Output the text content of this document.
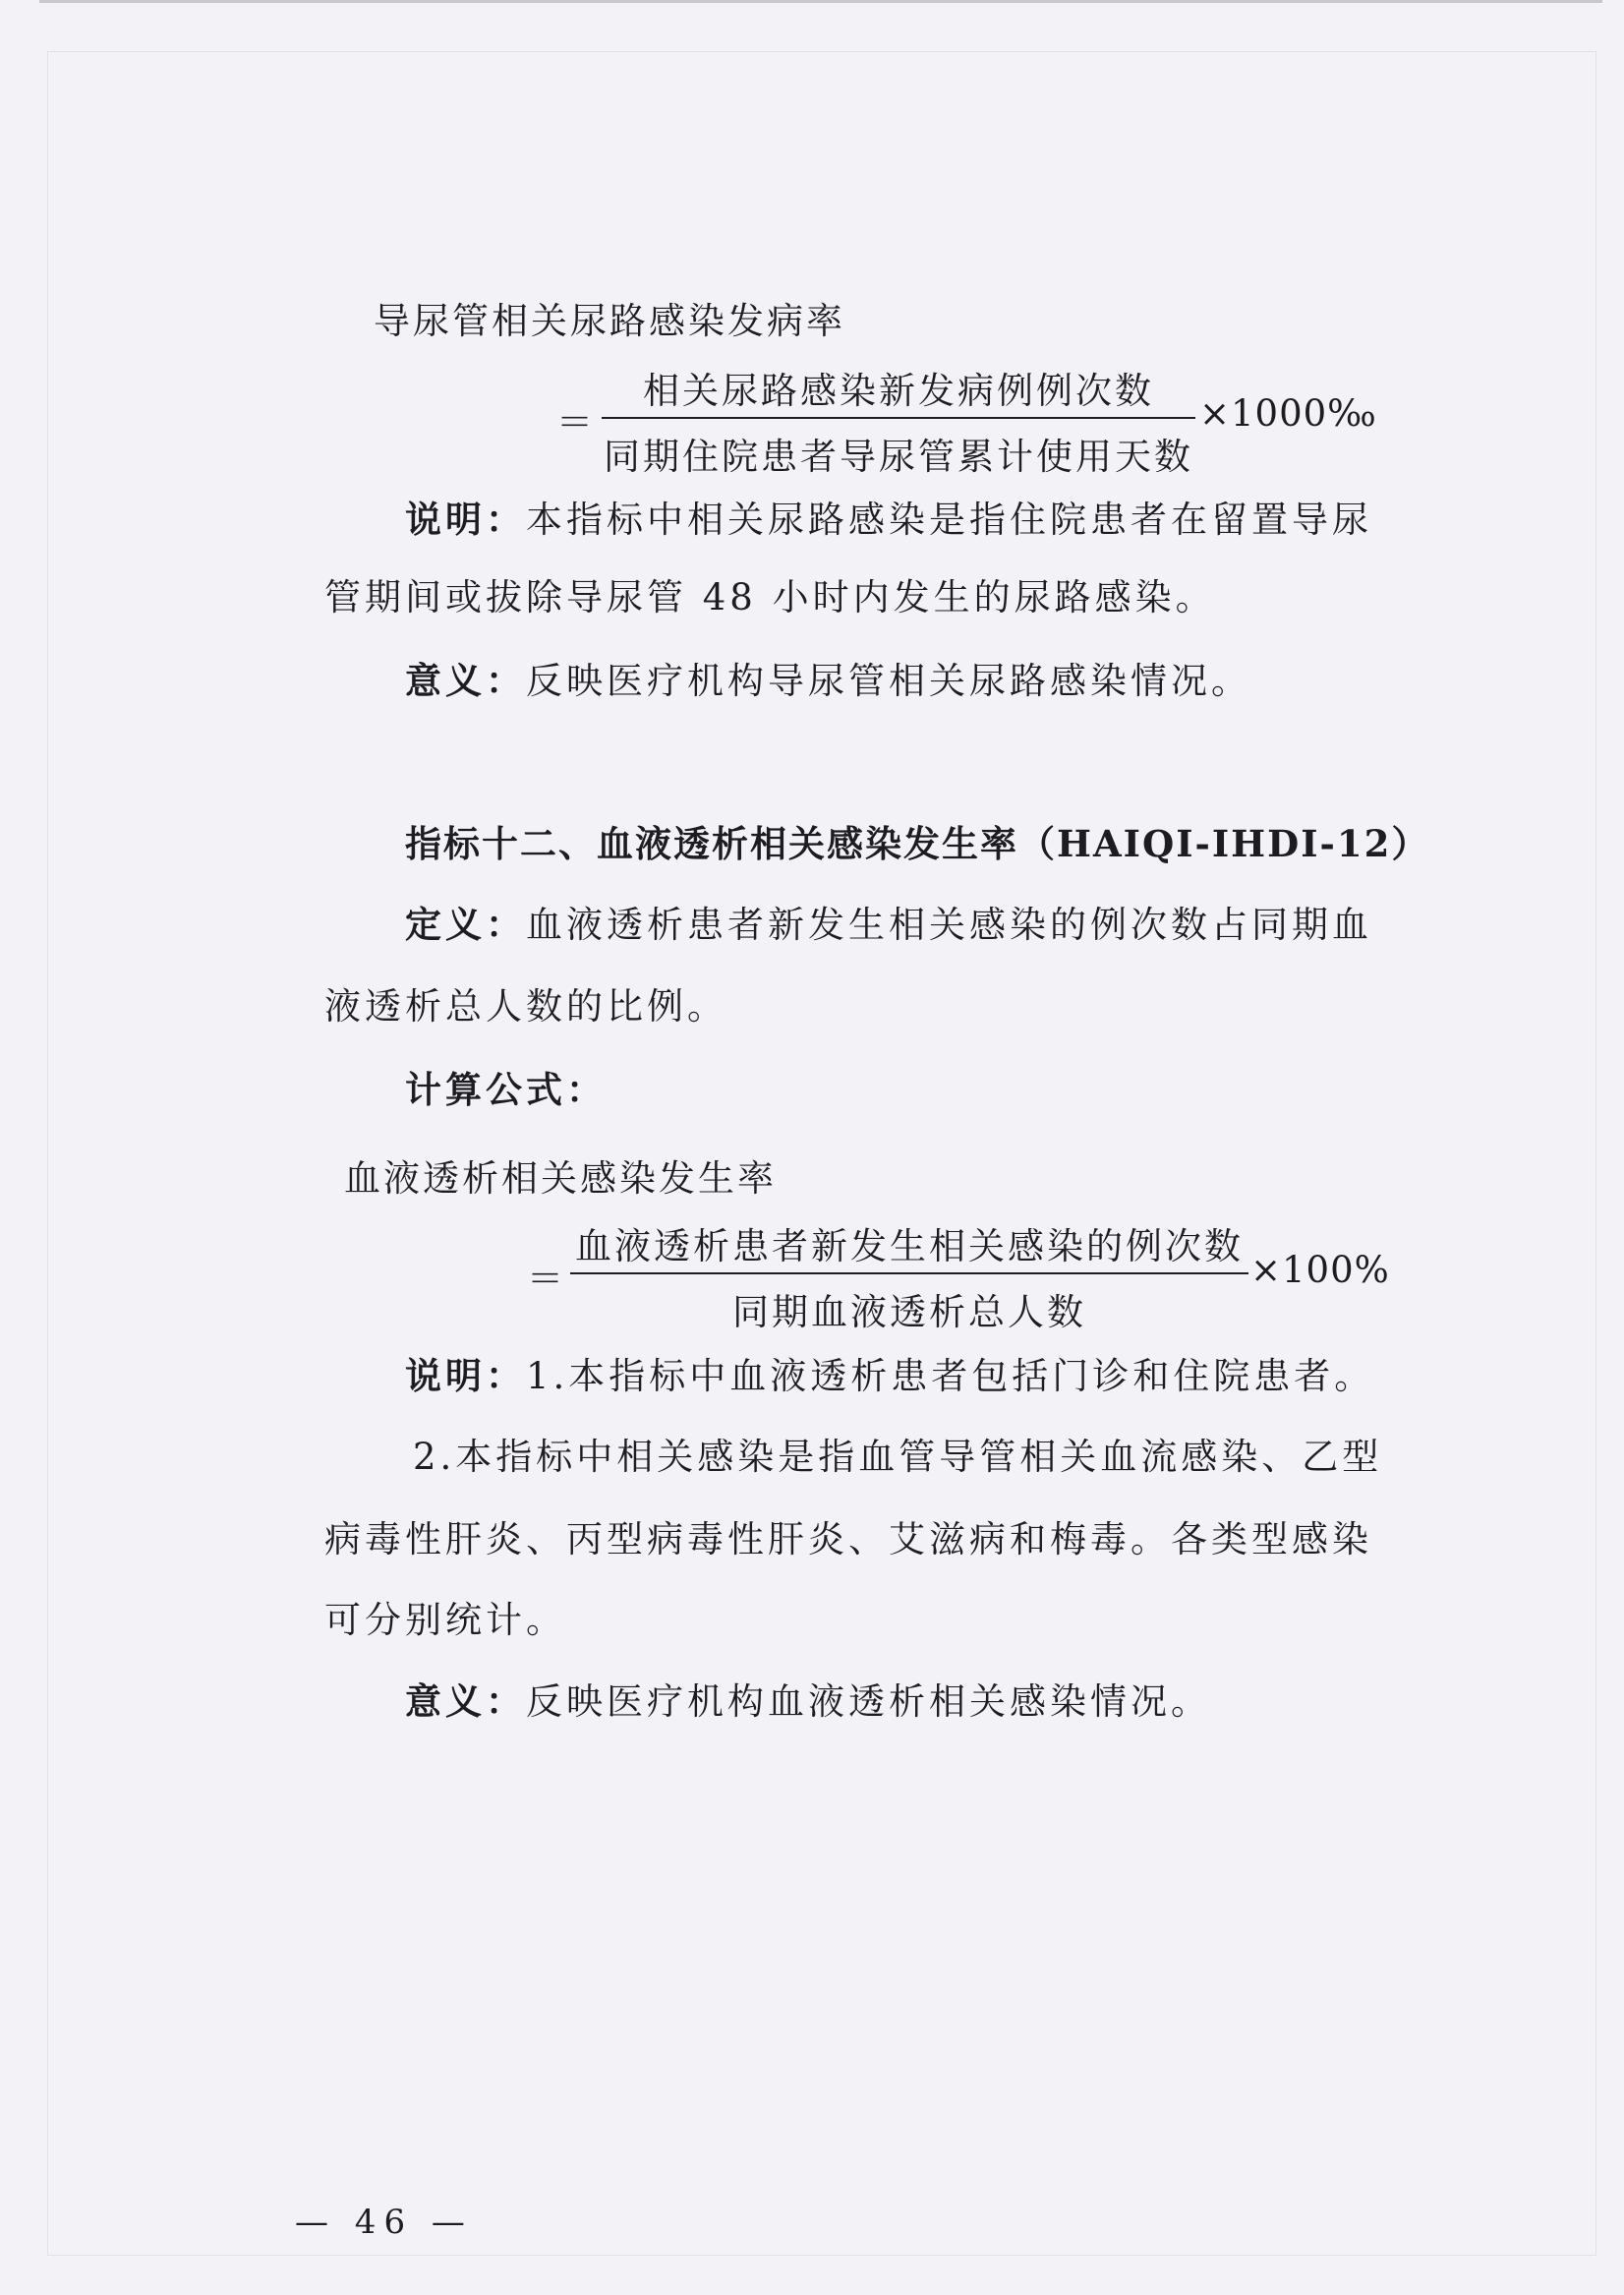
导尿管相关尿路感染发病率
＝
相关尿路感染新发病例例次数
同期住院患者导尿管累计使用天数
×1000‰
说明：本指标中相关尿路感染是指住院患者在留置导尿
管期间或拔除导尿管 48 小时内发生的尿路感染。
意义：反映医疗机构导尿管相关尿路感染情况。
指标十二、血液透析相关感染发生率（HAIQI-IHDI-12）
定义：血液透析患者新发生相关感染的例次数占同期血
液透析总人数的比例。
计算公式：
血液透析相关感染发生率
＝
血液透析患者新发生相关感染的例次数
同期血液透析总人数
×100%
说明：1.本指标中血液透析患者包括门诊和住院患者。
2.本指标中相关感染是指血管导管相关血流感染、乙型
病毒性肝炎、丙型病毒性肝炎、艾滋病和梅毒。各类型感染
可分别统计。
意义：反映医疗机构血液透析相关感染情况。
— 46 —
